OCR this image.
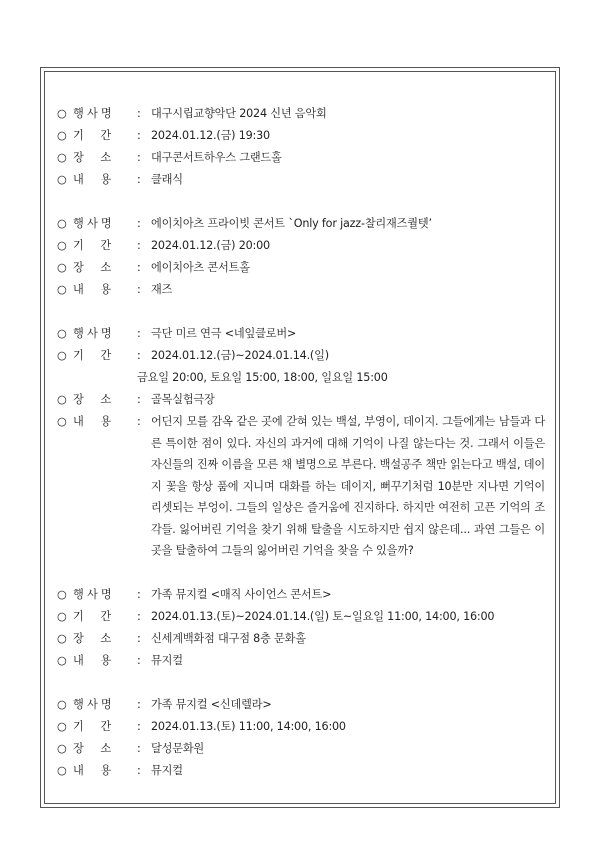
○ 행 사 명	: 대구시립교향악단 2024 신년 음악회
○ 기     간	: 2024.01.12.(금) 19:30
○ 장     소	: 대구콘서트하우스 그랜드홀
○ 내     용	: 클래식
○ 행 사 명	: 에이치아츠 프라이빗 콘서트 `Only for jazz-찰리재즈퀄텟’
○ 기     간	: 2024.01.12.(금) 20:00
○ 장     소	: 에이치아츠 콘서트홀
○ 내     용	: 재즈
○ 행 사 명	: 극단 미르 연극 <네잎클로버>
○ 기     간	: 2024.01.12.(금)~2024.01.14.(일)
금요일 20:00, 토요일 15:00, 18:00, 일요일 15:00
○ 장     소	: 골목실험극장
○ 내     용	: 어딘지 모를 감옥 같은 곳에 갇혀 있는 백설, 부영이, 데이지. 그들에게는 남들과 다른 특이한 점이 있다. 자신의 과거에 대해 기억이 나질 않는다는 것. 그래서 이들은 자신들의 진짜 이름을 모른 채 별명으로 부른다. 백설공주 책만 읽는다고 백설, 데이지 꽃을 항상 품에 지니며 대화를 하는 데이지, 뻐꾸기처럼 10분만 지나면 기억이 리셋되는 부엉이. 그들의 일상은 즐거움에 진지하다. 하지만 여전히 고픈 기억의 조각들. 잃어버린 기억을 찾기 위해 탈출을 시도하지만 쉽지 않은데... 과연 그들은 이곳을 탈출하여 그들의 잃어버린 기억을 찾을 수 있을까?
○ 행 사 명	: 가족 뮤지컬 <매직 사이언스 콘서트>
○ 기     간	: 2024.01.13.(토)~2024.01.14.(일) 토~일요일 11:00, 14:00, 16:00
○ 장     소	: 신세계백화점 대구점 8층 문화홀
○ 내     용	: 뮤지컬
○ 행 사 명	: 가족 뮤지컬 <신데렐라>
○ 기     간	: 2024.01.13.(토) 11:00, 14:00, 16:00
○ 장     소	: 달성문화원
○ 내     용	: 뮤지컬
